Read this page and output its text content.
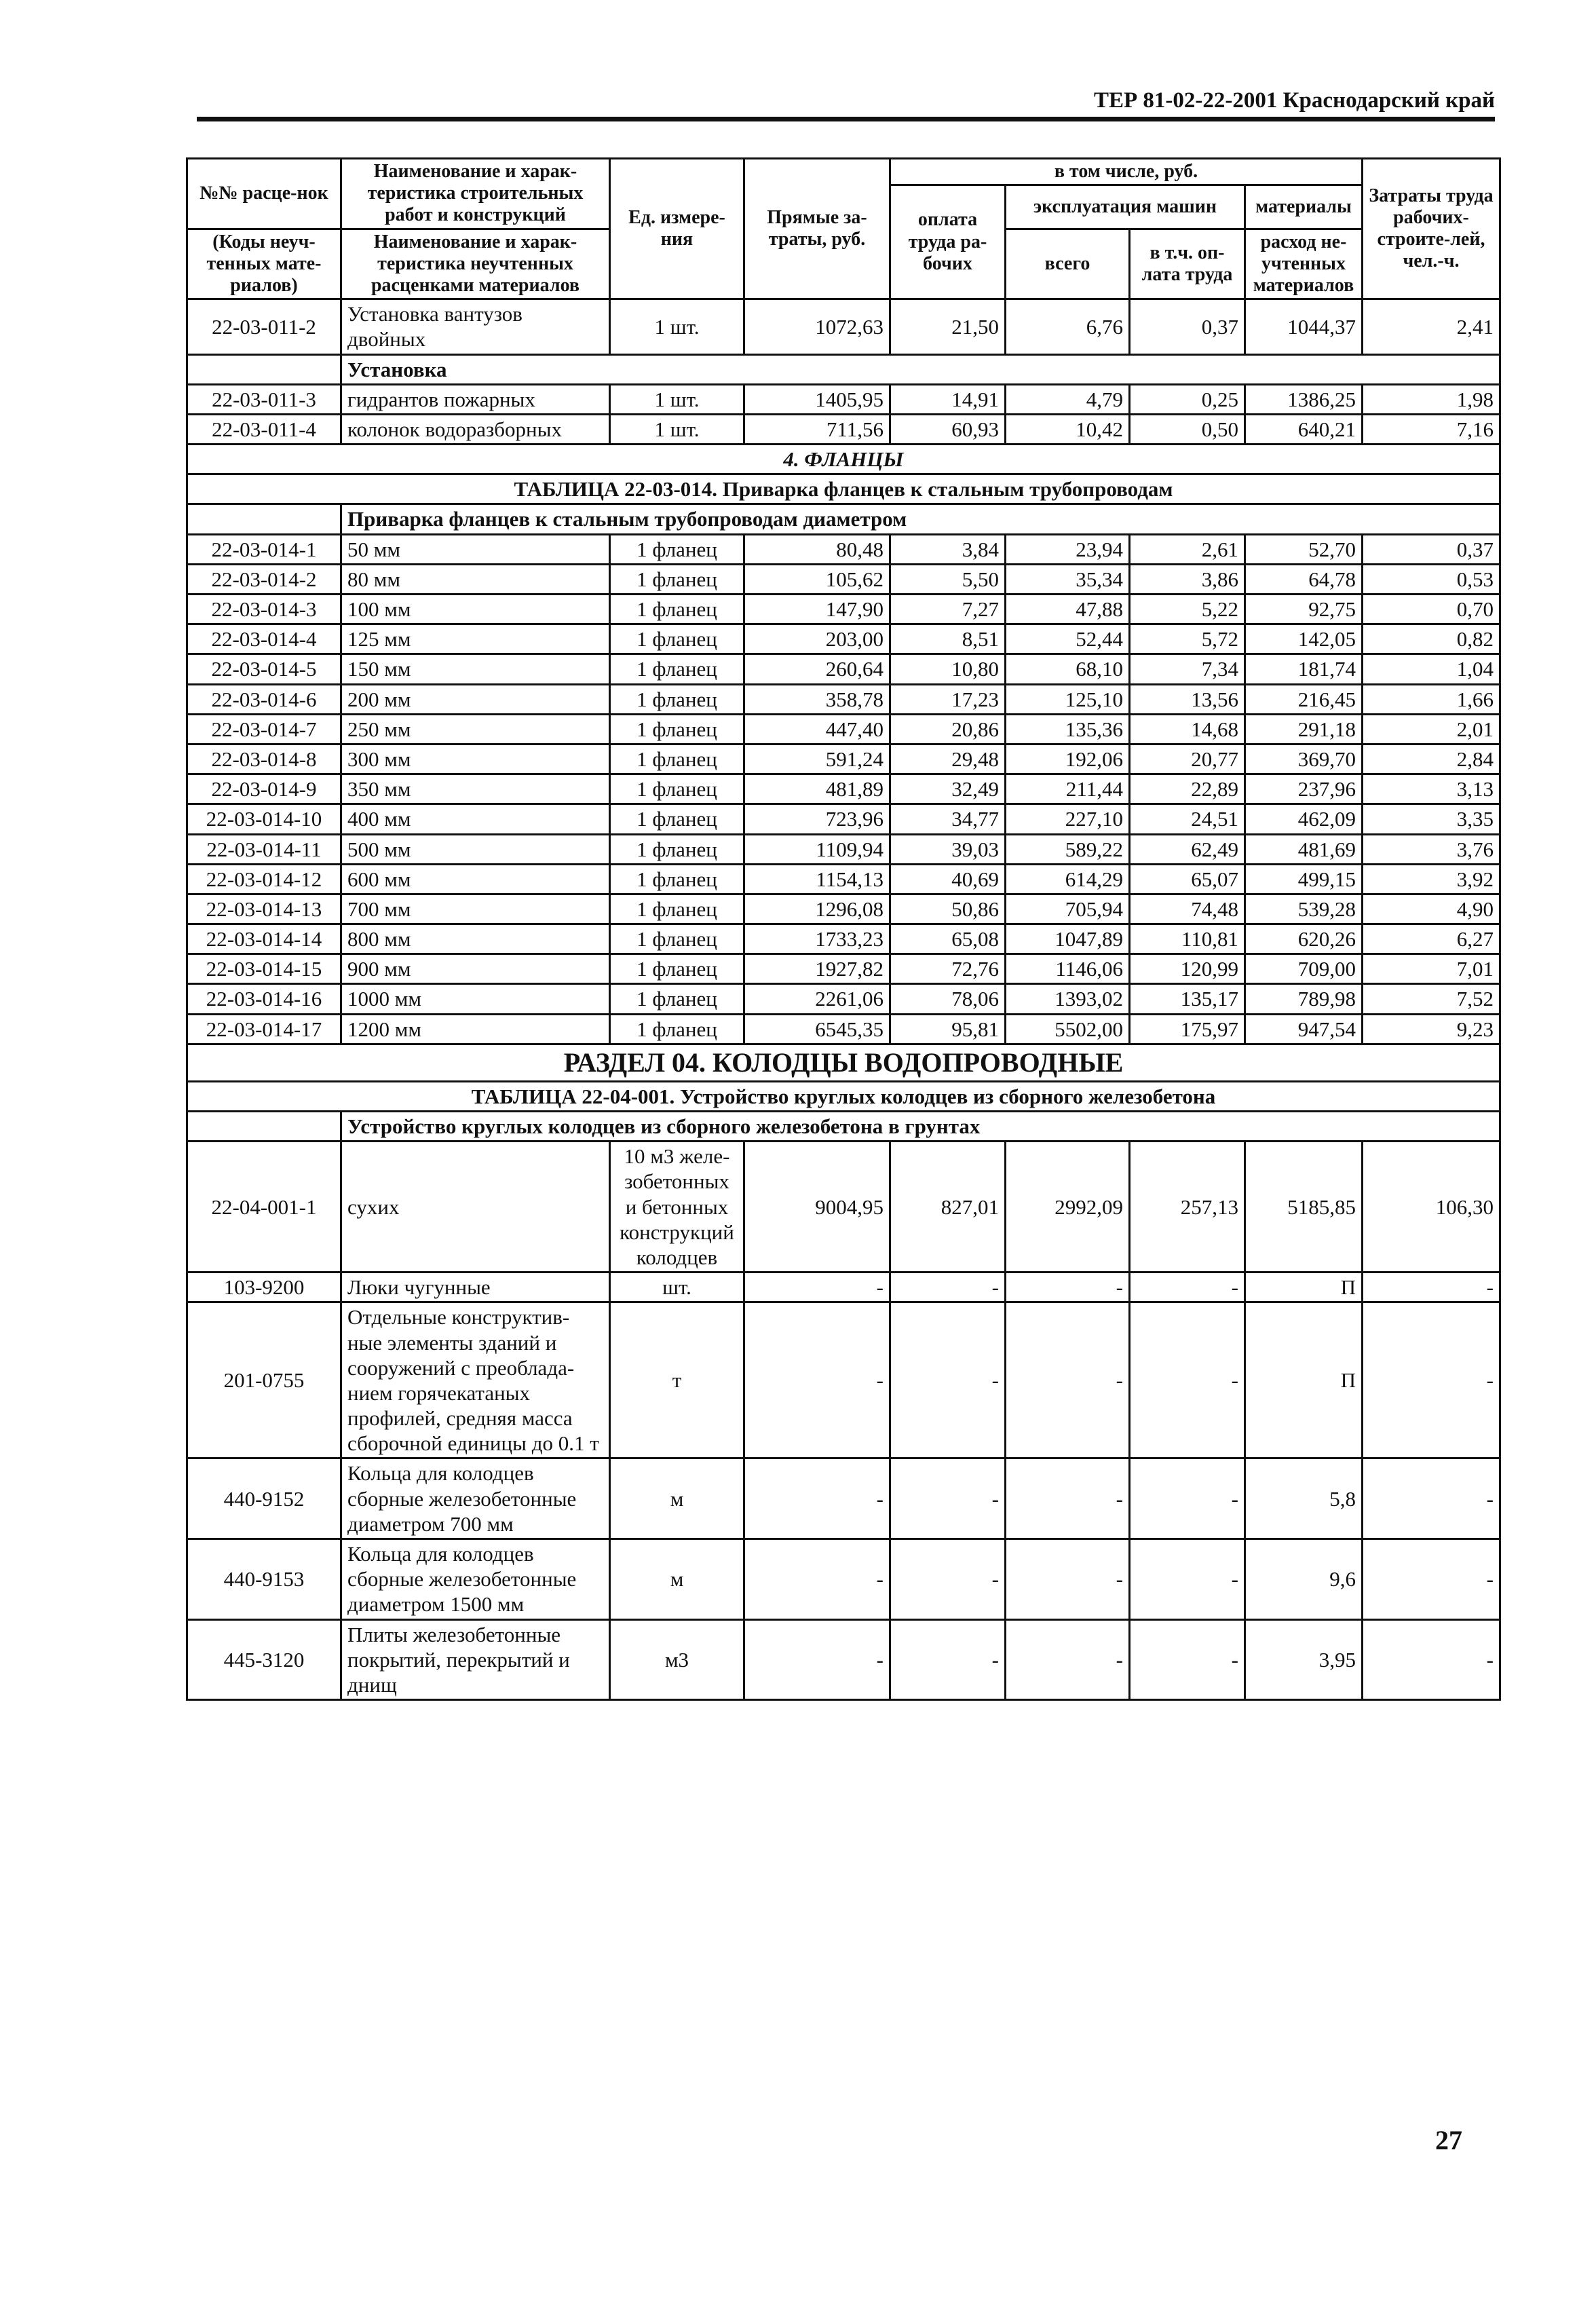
ТЕР 81-02-22-2001 Краснодарский край
№№ расце-нок	Наименование и харак-теристика строительных работ и конструкций	Ед. измере-ния	Прямые за-траты, руб.	в том числе, руб.				Затраты труда рабочих-строите-лей, чел.-ч.
				оплата труда ра-бочих	эксплуатация машин		материалы	
(Коды неуч-тенных мате-риалов)	Наименование и харак-теристика неучтенных расценками материалов				всего	в т.ч. оп-лата труда	расход не-учтенных материалов	

22-03-011-2	Установка вантузов двойных	1 шт.	1072,63	21,50	6,76	0,37	1044,37	2,41
	Установка							
22-03-011-3	гидрантов пожарных	1 шт.	1405,95	14,91	4,79	0,25	1386,25	1,98
22-03-011-4	колонок водоразборных	1 шт.	711,56	60,93	10,42	0,50	640,21	7,16
4. ФЛАНЦЫ								
ТАБЛИЦА 22-03-014. Приварка фланцев к стальным трубопроводам								
	Приварка фланцев к стальным трубопроводам диаметром							
22-03-014-1	50 мм	1 фланец	80,48	3,84	23,94	2,61	52,70	0,37
22-03-014-2	80 мм	1 фланец	105,62	5,50	35,34	3,86	64,78	0,53
22-03-014-3	100 мм	1 фланец	147,90	7,27	47,88	5,22	92,75	0,70
22-03-014-4	125 мм	1 фланец	203,00	8,51	52,44	5,72	142,05	0,82
22-03-014-5	150 мм	1 фланец	260,64	10,80	68,10	7,34	181,74	1,04
22-03-014-6	200 мм	1 фланец	358,78	17,23	125,10	13,56	216,45	1,66
22-03-014-7	250 мм	1 фланец	447,40	20,86	135,36	14,68	291,18	2,01
22-03-014-8	300 мм	1 фланец	591,24	29,48	192,06	20,77	369,70	2,84
22-03-014-9	350 мм	1 фланец	481,89	32,49	211,44	22,89	237,96	3,13
22-03-014-10	400 мм	1 фланец	723,96	34,77	227,10	24,51	462,09	3,35
22-03-014-11	500 мм	1 фланец	1109,94	39,03	589,22	62,49	481,69	3,76
22-03-014-12	600 мм	1 фланец	1154,13	40,69	614,29	65,07	499,15	3,92
22-03-014-13	700 мм	1 фланец	1296,08	50,86	705,94	74,48	539,28	4,90
22-03-014-14	800 мм	1 фланец	1733,23	65,08	1047,89	110,81	620,26	6,27
22-03-014-15	900 мм	1 фланец	1927,82	72,76	1146,06	120,99	709,00	7,01
22-03-014-16	1000 мм	1 фланец	2261,06	78,06	1393,02	135,17	789,98	7,52
22-03-014-17	1200 мм	1 фланец	6545,35	95,81	5502,00	175,97	947,54	9,23
РАЗДЕЛ 04. КОЛОДЦЫ ВОДОПРОВОДНЫЕ								
ТАБЛИЦА 22-04-001. Устройство круглых колодцев из сборного железобетона								
	Устройство круглых колодцев из сборного железобетона в грунтах							
22-04-001-1	сухих	10 м3 желе-зобетонных и бетонных конструкций колодцев	9004,95	827,01	2992,09	257,13	5185,85	106,30
103-9200	Люки чугунные	шт.	-	-	-	-	П	-
201-0755	Отдельные конструктив-ные элементы зданий и сооружений с преоблада-нием горячекатаных профилей, средняя масса сборочной единицы до 0.1 т	т	-	-	-	-	П	-
440-9152	Кольца для колодцев сборные железобетонные диаметром 700 мм	м	-	-	-	-	5,8	-
440-9153	Кольца для колодцев сборные железобетонные диаметром 1500 мм	м	-	-	-	-	9,6	-
445-3120	Плиты железобетонные покрытий, перекрытий и днищ	м3	-	-	-	-	3,95	-
27
